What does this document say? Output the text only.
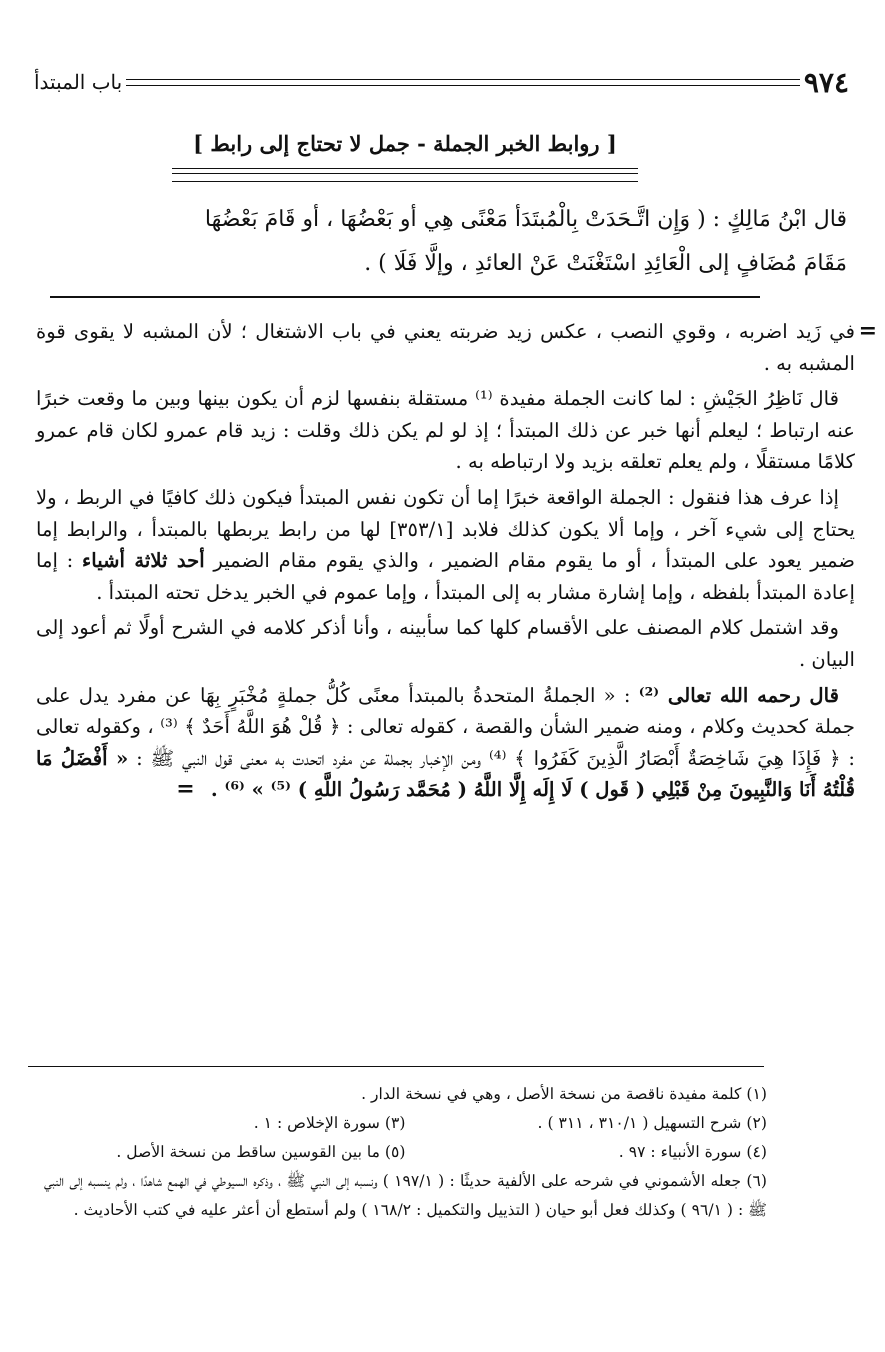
٩٧٤
باب المبتدأ
[ روابط الخبر الجملة - جمل لا تحتاج إلى رابط ]
قال ابْنُ مَالِكٍ : ( وَإِن اتَّـحَدَتْ بِالْمُبتَدَأ مَعْنًى هِي أو بَعْضُهَا ، أو قَامَ بَعْضُهَا
مَقَامَ مُضَافٍ إلى الْعَائِدِ اسْتَغْنَتْ عَنْ العائدِ ، وإلَّا فَلَا ) .

=
في زَيد اضربه ، وقوي النصب ، عكس زيد ضربته يعني في باب الاشتغال ؛ لأن المشبه لا يقوى قوة المشبه به .

قال نَاظِرُ الجَيْشِ : لما كانت الجملة مفيدة ⁽¹⁾ مستقلة بنفسها لزم أن يكون بينها وبين ما وقعت خبرًا عنه ارتباط ؛ ليعلم أنها خبر عن ذلك المبتدأ ؛ إذ لو لم يكن ذلك وقلت : زيد قام عمرو لكان قام عمرو كلامًا مستقلًا ، ولم يعلم تعلقه بزيد ولا ارتباطه به .

إذا عرف هذا فنقول : الجملة الواقعة خبرًا إما أن تكون نفس المبتدأ فيكون ذلك كافيًا في الربط ، ولا يحتاج إلى شيء آخر ، وإما ألا يكون كذلك فلابد [٣٥٣/١] لها من رابط يربطها بالمبتدأ ، والرابط إما ضمير يعود على المبتدأ ، أو ما يقوم مقام الضمير ، والذي يقوم مقام الضمير أحد ثلاثة أشياء : إما إعادة المبتدأ بلفظه ، وإما إشارة مشار به إلى المبتدأ ، وإما عموم في الخبر يدخل تحته المبتدأ .

وقد اشتمل كلام المصنف على الأقسام كلها كما سأبينه ، وأنا أذكر كلامه في الشرح أولًا ثم أعود إلى البيان .

قال رحمه الله تعالى ⁽²⁾ : « الجملةُ المتحدةُ بالمبتدأ معنًى كُلُّ جملةٍ مُخْبَرٍ بِهَا عن مفرد يدل على جملة كحديث وكلام ، ومنه ضمير الشأن والقصة ، كقوله تعالى : ﴿ قُلْ هُوَ اللَّهُ أَحَدٌ ﴾ ⁽³⁾ ، وكقوله تعالى : ﴿ فَإِذَا هِيَ شَاخِصَةٌ أَبْصَارُ الَّذِينَ كَفَرُوا ﴾ ⁽⁴⁾ ومن الإخبار بجملة عن مفرد اتحدت به معنى قول النبي ﷺ : « أَفْضَلُ مَا قُلْتُهُ أَنَا وَالنَّبِيونَ مِنْ قَبْلِي ( قَول ) لَا إِلَه إِلَّا اللَّهُ ( مُحَمَّد رَسُولُ اللَّهِ ) ⁽⁵⁾ » ⁽⁶⁾ . =

(١) كلمة مفيدة ناقصة من نسخة الأصل ، وهي في نسخة الدار .
(٢) شرح التسهيل ( ٣١٠/١ ، ٣١١ ) .
(٣) سورة الإخلاص : ١ .
(٤) سورة الأنبياء : ٩٧ .
(٥) ما بين القوسين ساقط من نسخة الأصل .
(٦) جعله الأشموني في شرحه على الألفية حديثًا : ( ١٩٧/١ ) ونسبه إلى النبي ﷺ ، وذكره السيوطي في الهمع شاهدًا ، ولم ينسبه إلى النبي ﷺ : ( ٩٦/١ ) وكذلك فعل أبو حيان ( التذييل والتكميل : ١٦٨/٢ ) ولم أستطع أن أعثر عليه في كتب الأحاديث .
